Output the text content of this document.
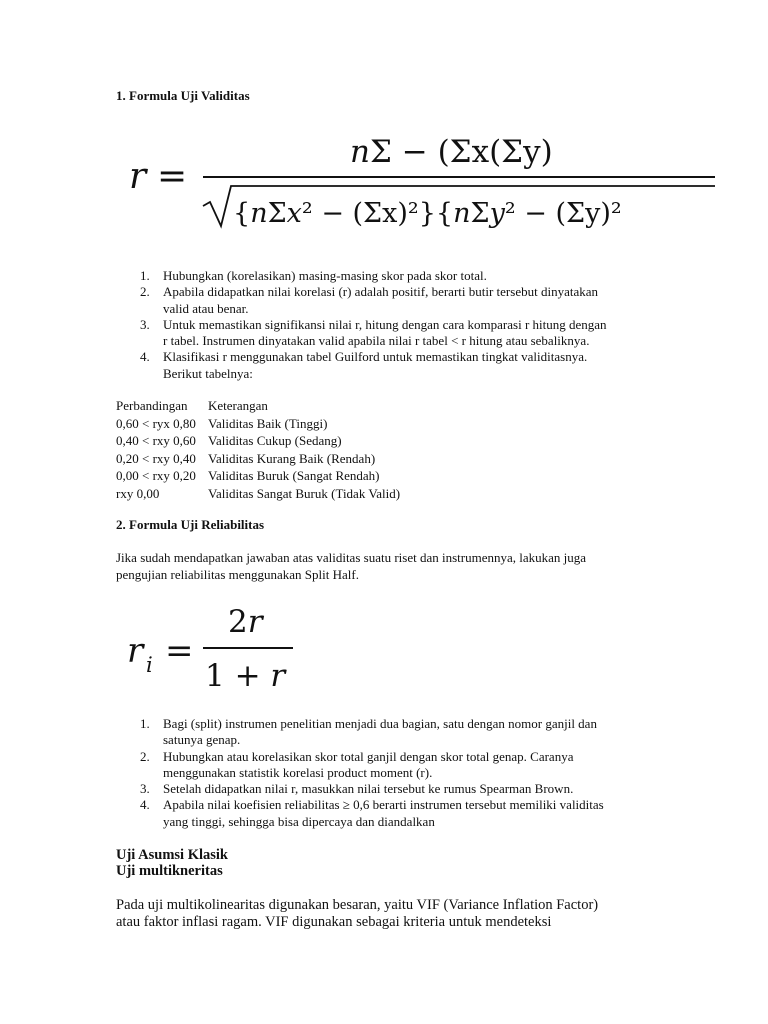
1. Formula Uji Validitas
r =
nΣ − (Σx(Σy)
{nΣx² − (Σx)²}{nΣy² − (Σy)²
1. Hubungkan (korelasikan) masing-masing skor pada skor total.
2. Apabila didapatkan nilai korelasi (r) adalah positif, berarti butir tersebut dinyatakan
valid atau benar.
3. Untuk memastikan signifikansi nilai r, hitung dengan cara komparasi r hitung dengan
r tabel. Instrumen dinyatakan valid apabila nilai r tabel < r hitung atau sebaliknya.
4. Klasifikasi r menggunakan tabel Guilford untuk memastikan tingkat validitasnya.
Berikut tabelnya:
Perbandingan	Keterangan
0,60 < ryx 0,80 Validitas Baik (Tinggi)
0,40 < rxy 0,60 Validitas Cukup (Sedang)
0,20 < rxy 0,40 Validitas Kurang Baik (Rendah)
0,00 < rxy 0,20 Validitas Buruk (Sangat Rendah)
rxy 0,00	Validitas Sangat Buruk (Tidak Valid)
2. Formula Uji Reliabilitas
Jika sudah mendapatkan jawaban atas validitas suatu riset dan instrumennya, lakukan juga
pengujian reliabilitas menggunakan Split Half.
r i =
2r
1 + r
1. Bagi (split) instrumen penelitian menjadi dua bagian, satu dengan nomor ganjil dan
satunya genap.
2. Hubungkan atau korelasikan skor total ganjil dengan skor total genap. Caranya
menggunakan statistik korelasi product moment (r).
3. Setelah didapatkan nilai r, masukkan nilai tersebut ke rumus Spearman Brown.
4. Apabila nilai koefisien reliabilitas ≥ 0,6 berarti instrumen tersebut memiliki validitas
yang tinggi, sehingga bisa dipercaya dan diandalkan
Uji Asumsi Klasik
Uji multikneritas
Pada uji multikolinearitas digunakan besaran, yaitu VIF (Variance Inflation Factor)
atau faktor inflasi ragam. VIF digunakan sebagai kriteria untuk mendeteksi
